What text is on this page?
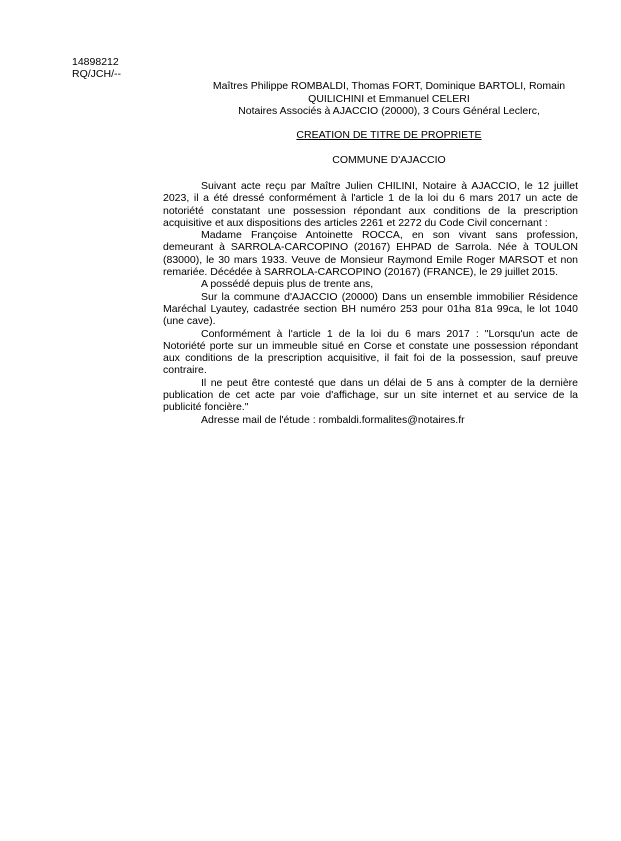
14898212
RQ/JCH/--
Maîtres Philippe ROMBALDI, Thomas FORT, Dominique BARTOLI, Romain
QUILICHINI et Emmanuel CELERI
Notaires Associés à AJACCIO (20000), 3 Cours Général Leclerc,
CREATION DE TITRE DE PROPRIETE
COMMUNE D'AJACCIO

Suivant acte reçu par Maître Julien CHILINI, Notaire à AJACCIO, le 12 juillet 2023, il a été dressé conformément à l'article 1 de la loi du 6 mars 2017 un acte de notoriété constatant une possession répondant aux conditions de la prescription acquisitive et aux dispositions des articles 2261 et 2272 du Code Civil concernant :

Madame Françoise Antoinette ROCCA, en son vivant sans profession, demeurant à SARROLA-CARCOPINO (20167) EHPAD de Sarrola. Née à TOULON (83000), le 30 mars 1933. Veuve de Monsieur Raymond Emile Roger MARSOT et non remariée. Décédée à SARROLA-CARCOPINO (20167) (FRANCE), le 29 juillet 2015.

A possédé depuis plus de trente ans,

Sur la commune d'AJACCIO (20000) Dans un ensemble immobilier Résidence Maréchal Lyautey, cadastrée section BH numéro 253 pour 01ha 81a 99ca, le lot 1040 (une cave).

Conformément à l'article 1 de la loi du 6 mars 2017 : "Lorsqu'un acte de Notoriété porte sur un immeuble situé en Corse et constate une possession répondant aux conditions de la prescription acquisitive, il fait foi de la possession, sauf preuve contraire.

Il ne peut être contesté que dans un délai de 5 ans à compter de la dernière publication de cet acte par voie d'affichage, sur un site internet et au service de la publicité foncière."

Adresse mail de l'étude : rombaldi.formalites@notaires.fr
